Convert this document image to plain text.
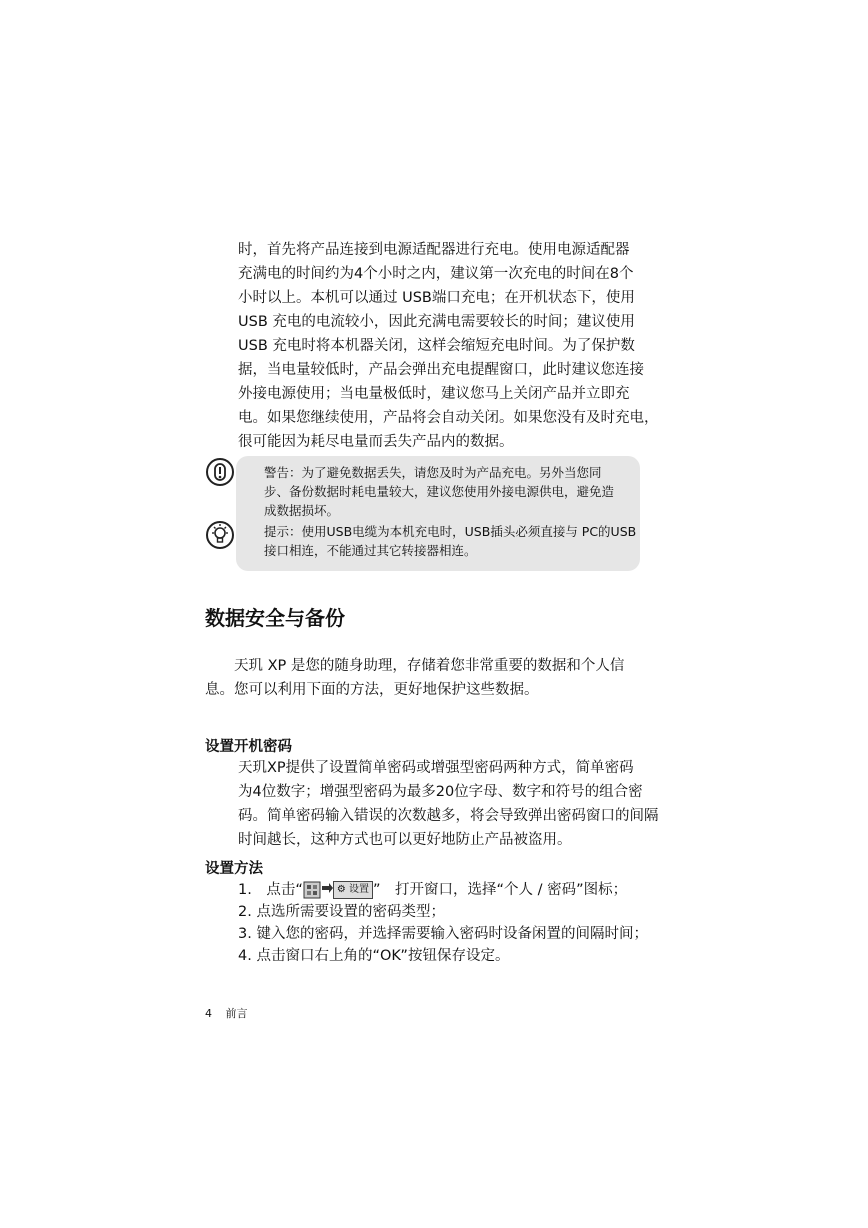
时，首先将产品连接到电源适配器进行充电。使用电源适配器
充满电的时间约为4个小时之内，建议第一次充电的时间在8个
小时以上。本机可以通过 USB端口充电；在开机状态下，使用
USB 充电的电流较小，因此充满电需要较长的时间；建议使用
USB 充电时将本机器关闭，这样会缩短充电时间。为了保护数
据，当电量较低时，产品会弹出充电提醒窗口，此时建议您连接
外接电源使用；当电量极低时，建议您马上关闭产品并立即充
电。如果您继续使用，产品将会自动关闭。如果您没有及时充电，
很可能因为耗尽电量而丢失产品内的数据。
警告：为了避免数据丢失，请您及时为产品充电。另外当您同
步、备份数据时耗电量较大，建议您使用外接电源供电，避免造
成数据损坏。
提示：使用USB电缆为本机充电时，USB插头必须直接与 PC的USB
接口相连，不能通过其它转接器相连。
数据安全与备份
　　天玑 XP 是您的随身助理，存储着您非常重要的数据和个人信
息。您可以利用下面的方法，更好地保护这些数据。
设置开机密码
天玑XP提供了设置简单密码或增强型密码两种方式，简单密码
为4位数字；增强型密码为最多20位字母、数字和符号的组合密
码。简单密码输入错误的次数越多，将会导致弹出密码窗口的间隔
时间越长，这种方式也可以更好地防止产品被盗用。
设置方法
1.　点击“	⚙ 设置 ”　打开窗口，选择“个人 / 密码”图标；
2. 点选所需要设置的密码类型；
3. 键入您的密码，并选择需要输入密码时设备闲置的间隔时间；
4. 点击窗口右上角的“OK”按钮保存设定。
4 前言
